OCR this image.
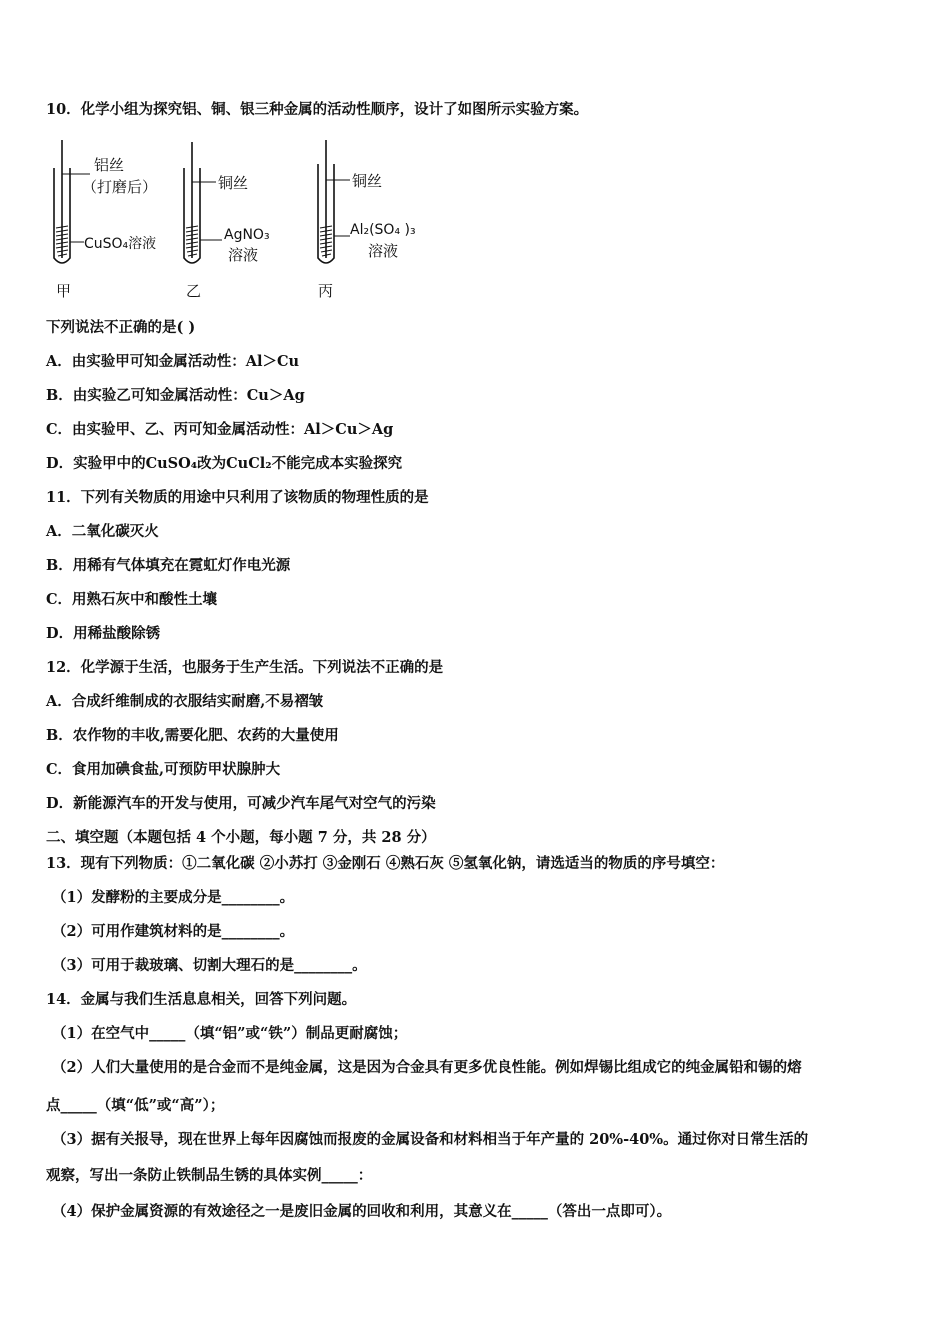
10．化学小组为探究铝、铜、银三种金属的活动性顺序，设计了如图所示实验方案。
铝丝
（打磨后）
CuSO₄溶液
甲
铜丝
AgNO₃
溶液
乙
铜丝
Al₂(SO₄ )₃
溶液
丙
下列说法不正确的是( )
A．由实验甲可知金属活动性：Al＞Cu
B．由实验乙可知金属活动性：Cu＞Ag
C．由实验甲、乙、丙可知金属活动性：Al＞Cu＞Ag
D．实验甲中的CuSO₄改为CuCl₂不能完成本实验探究
11．下列有关物质的用途中只利用了该物质的物理性质的是
A．二氧化碳灭火
B．用稀有气体填充在霓虹灯作电光源
C．用熟石灰中和酸性土壤
D．用稀盐酸除锈
12．化学源于生活，也服务于生产生活。下列说法不正确的是
A．合成纤维制成的衣服结实耐磨,不易褶皱
B．农作物的丰收,需要化肥、农药的大量使用
C．食用加碘食盐,可预防甲状腺肿大
D．新能源汽车的开发与使用，可减少汽车尾气对空气的污染
二、填空题（本题包括 4 个小题，每小题 7 分，共 28 分）
13．现有下列物质：①二氧化碳 ②小苏打 ③金刚石 ④熟石灰 ⑤氢氧化钠，请选适当的物质的序号填空：
（1）发酵粉的主要成分是________。
（2）可用作建筑材料的是________。
（3）可用于裁玻璃、切割大理石的是________。
14．金属与我们生活息息相关，回答下列问题。
（1）在空气中_____（填“铝”或“铁”）制品更耐腐蚀；
（2）人们大量使用的是合金而不是纯金属，这是因为合金具有更多优良性能。例如焊锡比组成它的纯金属铅和锡的熔
点_____（填“低”或“高”）；
（3）据有关报导，现在世界上每年因腐蚀而报废的金属设备和材料相当于年产量的 20%-40%。通过你对日常生活的
观察，写出一条防止铁制品生锈的具体实例_____：
（4）保护金属资源的有效途径之一是废旧金属的回收和利用，其意义在_____（答出一点即可）。
